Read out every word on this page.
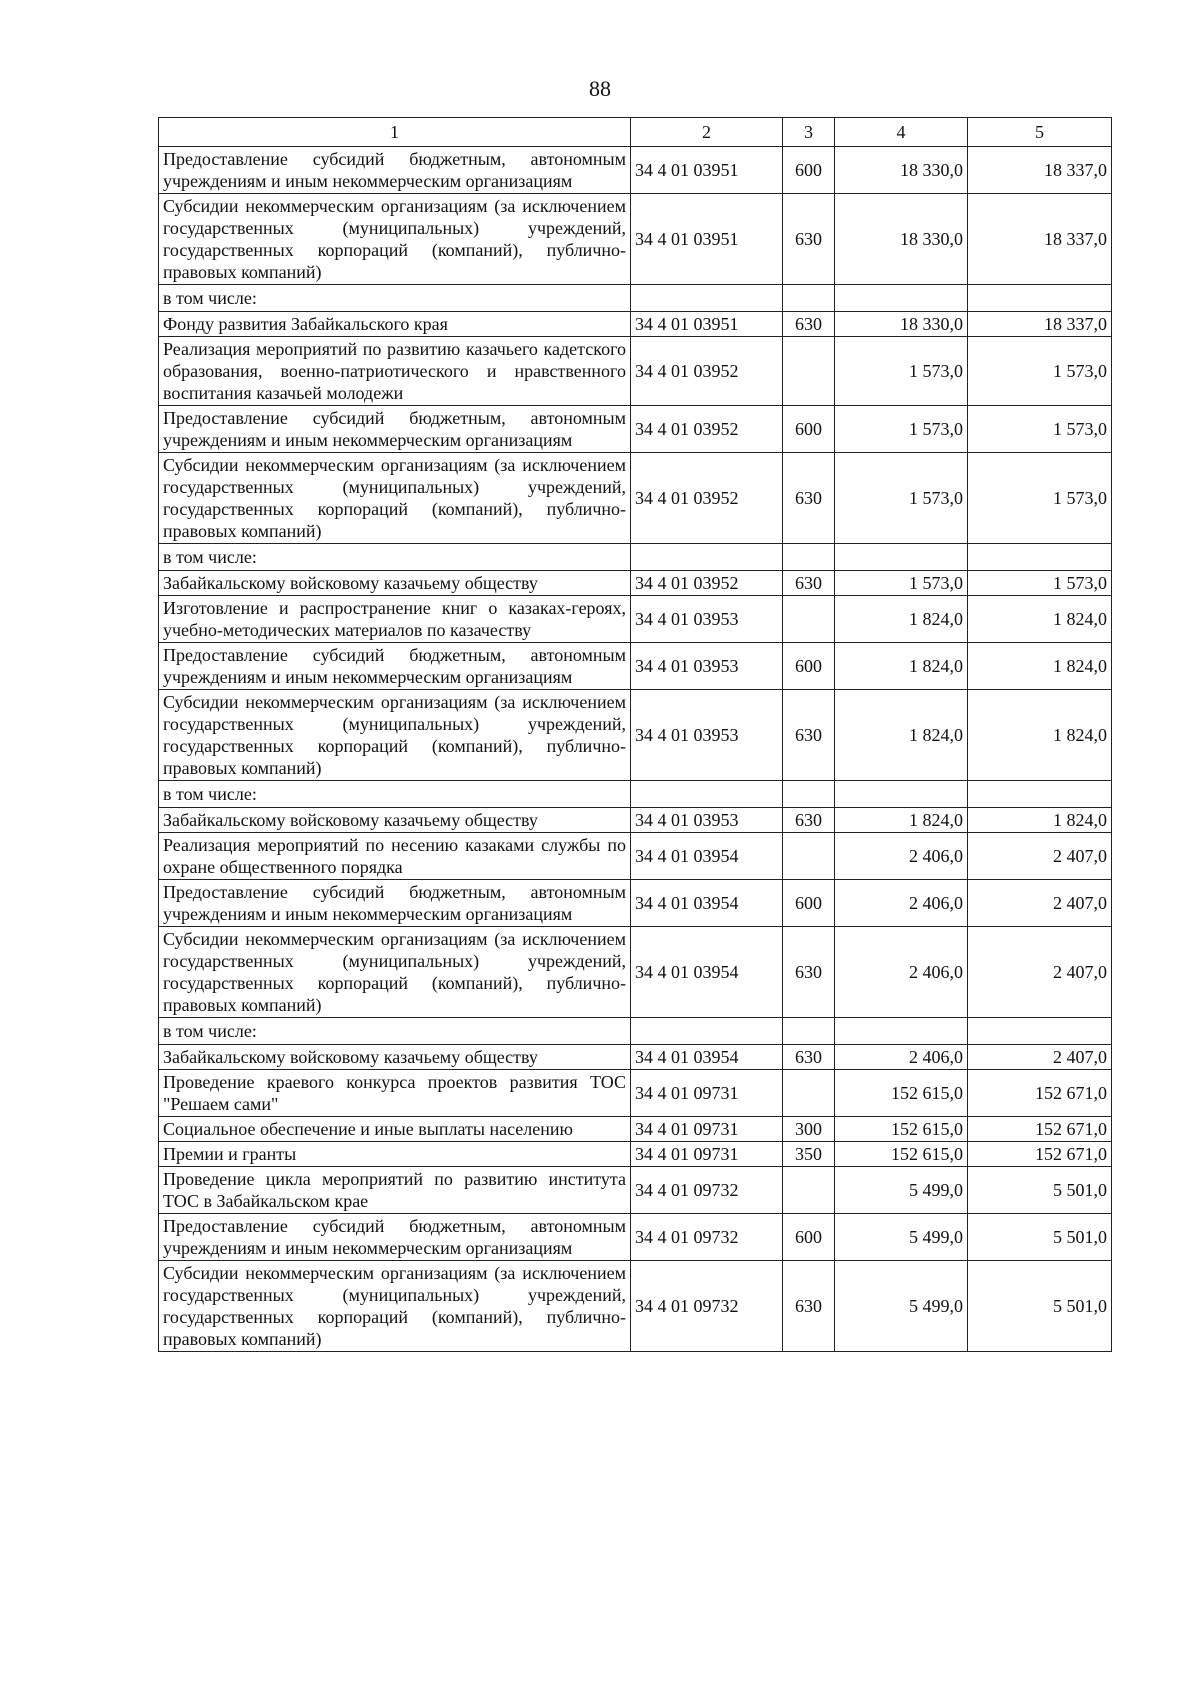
88
1	2	3	4	5
Предоставление субсидий бюджетным, автономным учреждениям и иным некоммерческим организациям	34 4 01 03951	600	18 330,0	18 337,0
Субсидии некоммерческим организациям (за исключением государственных (муниципальных) учреждений, государственных корпораций (компаний), публично-правовых компаний)	34 4 01 03951	630	18 330,0	18 337,0
в том числе:				
Фонду развития Забайкальского края	34 4 01 03951	630	18 330,0	18 337,0
Реализация мероприятий по развитию казачьего кадетского образования, военно-патриотического и нравственного воспитания казачьей молодежи	34 4 01 03952		1 573,0	1 573,0
Предоставление субсидий бюджетным, автономным учреждениям и иным некоммерческим организациям	34 4 01 03952	600	1 573,0	1 573,0
Субсидии некоммерческим организациям (за исключением государственных (муниципальных) учреждений, государственных корпораций (компаний), публично-правовых компаний)	34 4 01 03952	630	1 573,0	1 573,0
в том числе:				
Забайкальскому войсковому казачьему обществу	34 4 01 03952	630	1 573,0	1 573,0
Изготовление и распространение книг о казаках-героях, учебно-методических материалов по казачеству	34 4 01 03953		1 824,0	1 824,0
Предоставление субсидий бюджетным, автономным учреждениям и иным некоммерческим организациям	34 4 01 03953	600	1 824,0	1 824,0
Субсидии некоммерческим организациям (за исключением государственных (муниципальных) учреждений, государственных корпораций (компаний), публично-правовых компаний)	34 4 01 03953	630	1 824,0	1 824,0
в том числе:				
Забайкальскому войсковому казачьему обществу	34 4 01 03953	630	1 824,0	1 824,0
Реализация мероприятий по несению казаками службы по охране общественного порядка	34 4 01 03954		2 406,0	2 407,0
Предоставление субсидий бюджетным, автономным учреждениям и иным некоммерческим организациям	34 4 01 03954	600	2 406,0	2 407,0
Субсидии некоммерческим организациям (за исключением государственных (муниципальных) учреждений, государственных корпораций (компаний), публично-правовых компаний)	34 4 01 03954	630	2 406,0	2 407,0
в том числе:				
Забайкальскому войсковому казачьему обществу	34 4 01 03954	630	2 406,0	2 407,0
Проведение краевого конкурса проектов развития ТОС "Решаем сами"	34 4 01 09731		152 615,0	152 671,0
Социальное обеспечение и иные выплаты населению	34 4 01 09731	300	152 615,0	152 671,0
Премии и гранты	34 4 01 09731	350	152 615,0	152 671,0
Проведение цикла мероприятий по развитию института ТОС в Забайкальском крае	34 4 01 09732		5 499,0	5 501,0
Предоставление субсидий бюджетным, автономным учреждениям и иным некоммерческим организациям	34 4 01 09732	600	5 499,0	5 501,0
Субсидии некоммерческим организациям (за исключением государственных (муниципальных) учреждений, государственных корпораций (компаний), публично-правовых компаний)	34 4 01 09732	630	5 499,0	5 501,0
